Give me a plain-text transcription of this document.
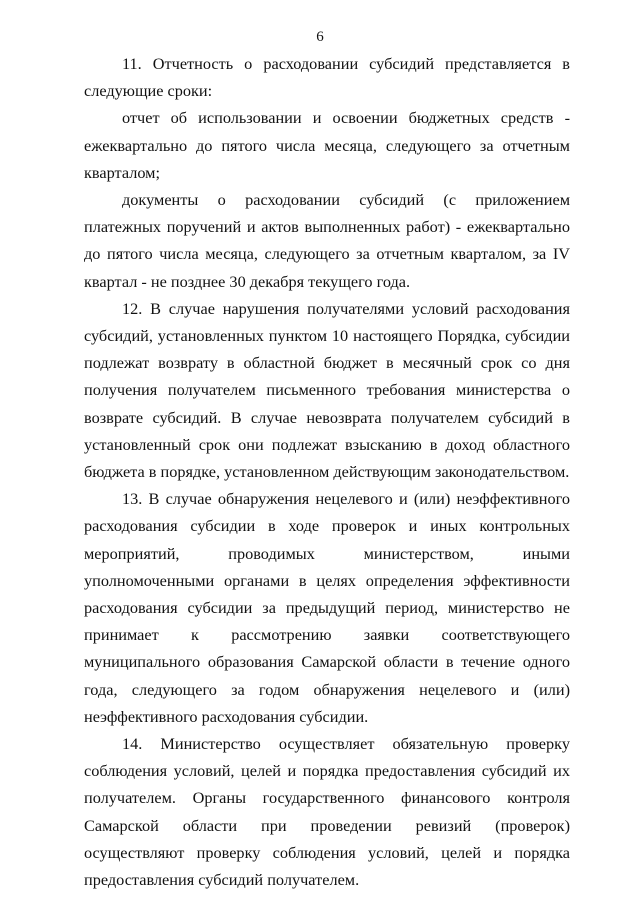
6

11. Отчетность о расходовании субсидий представляется в следующие сроки:

отчет об использовании и освоении бюджетных средств - ежеквартально до пятого числа месяца, следующего за отчетным кварталом;

документы о расходовании субсидий (с приложением платежных поручений и актов выполненных работ) - ежеквартально до пятого числа месяца, следующего за отчетным кварталом, за IV квартал - не позднее 30 декабря текущего года.

12. В случае нарушения получателями условий расходования субсидий, установленных пунктом 10 настоящего Порядка, субсидии подлежат возврату в областной бюджет в месячный срок со дня получения получателем письменного требования министерства о возврате субсидий. В случае невозврата получателем субсидий в установленный срок они подлежат взысканию в доход областного бюджета в порядке, установленном действующим законодательством.

13. В случае обнаружения нецелевого и (или) неэффективного расходования субсидии в ходе проверок и иных контрольных мероприятий, проводимых министерством, иными уполномоченными органами в целях определения эффективности расходования субсидии за предыдущий период, министерство не принимает к рассмотрению заявки соответствующего муниципального образования Самарской области в течение одного года, следующего за годом обнаружения нецелевого и (или) неэффективного расходования субсидии.

14. Министерство осуществляет обязательную проверку соблюдения условий, целей и порядка предоставления субсидий их получателем. Органы государственного финансового контроля Самарской области при проведении ревизий (проверок) осуществляют проверку соблюдения условий, целей и порядка предоставления субсидий получателем.
